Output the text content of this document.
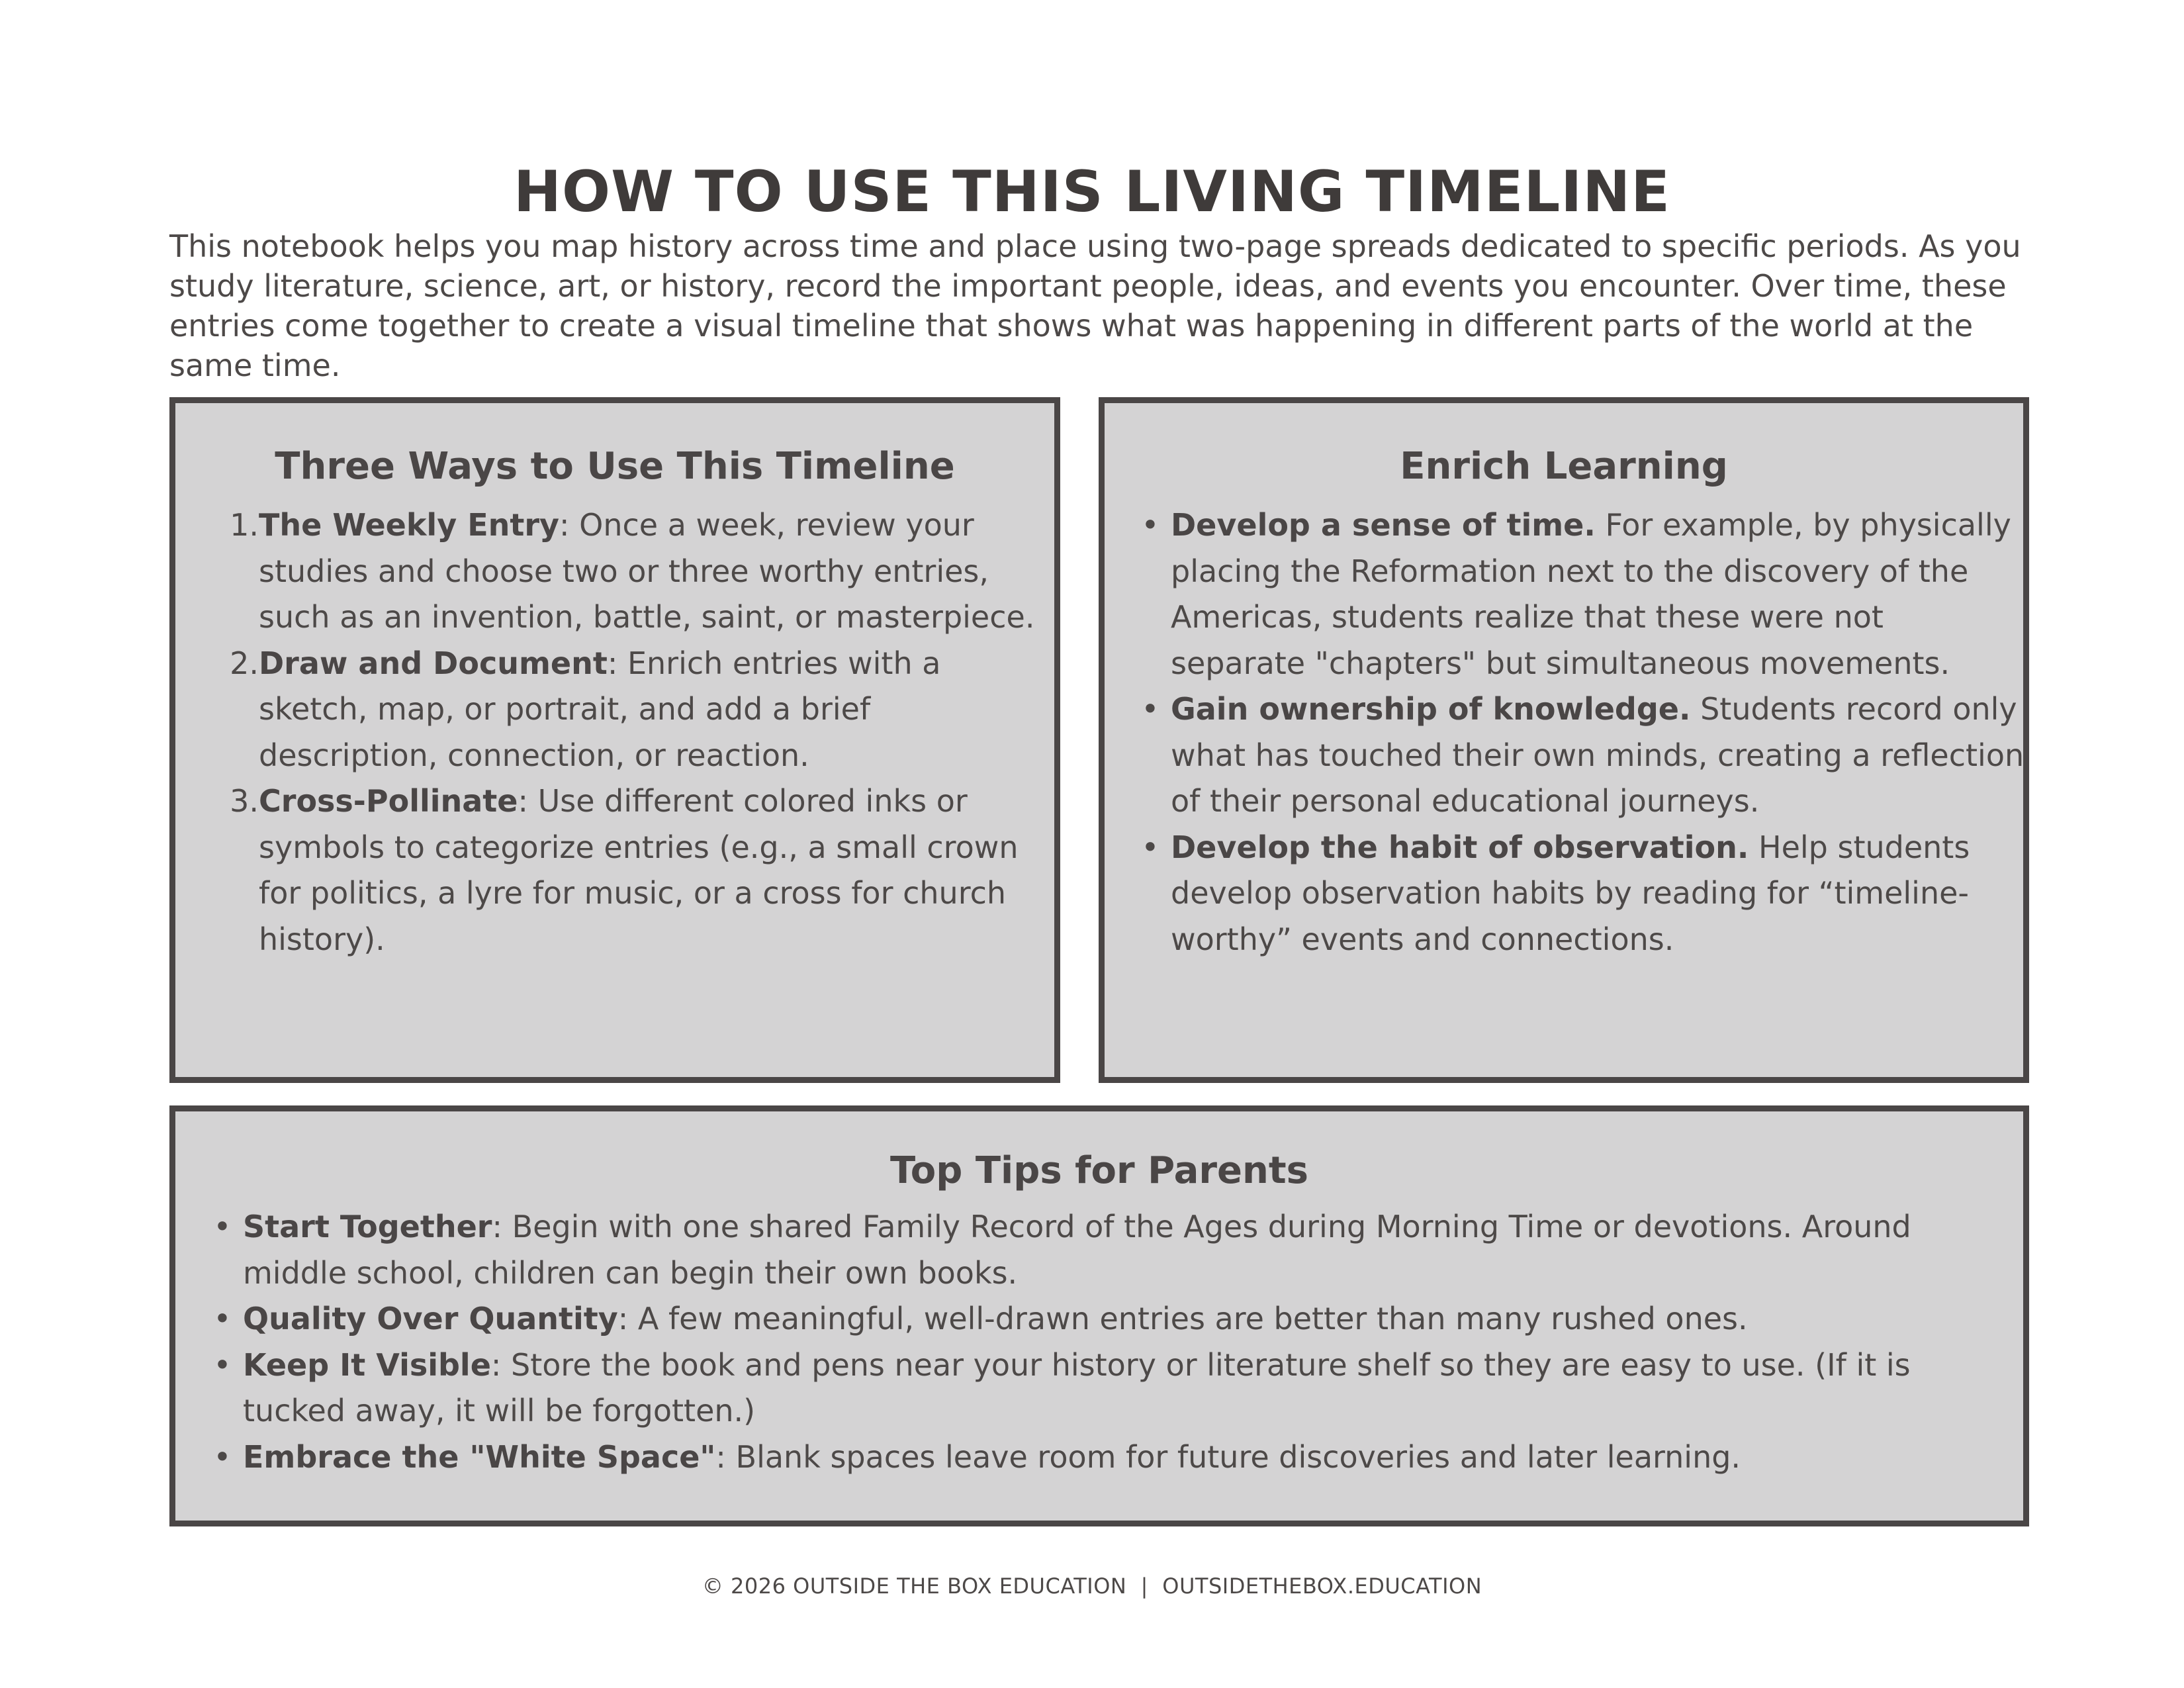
HOW TO USE THIS LIVING TIMELINE

This notebook helps you map history across time and place using two-page spreads dedicated to specific periods. As you study literature, science, art, or history, record the important people, ideas, and events you encounter. Over time, these entries come together to create a visual timeline that shows what was happening in different parts of the world at the same time.

Three Ways to Use This Timeline
1. The Weekly Entry: Once a week, review your studies and choose two or three worthy entries, such as an invention, battle, saint, or masterpiece.
2. Draw and Document: Enrich entries with a sketch, map, or portrait, and add a brief description, connection, or reaction.
3. Cross-Pollinate: Use different colored inks or symbols to categorize entries (e.g., a small crown for politics, a lyre for music, or a cross for church history).
Enrich Learning
• Develop a sense of time. For example, by physically placing the Reformation next to the discovery of the Americas, students realize that these were not separate "chapters" but simultaneous movements.
• Gain ownership of knowledge. Students record only what has touched their own minds, creating a reflection of their personal educational journeys.
• Develop the habit of observation. Help students develop observation habits by reading for “timeline-worthy” events and connections.
Top Tips for Parents
• Start Together: Begin with one shared Family Record of the Ages during Morning Time or devotions. Around middle school, children can begin their own books.
• Quality Over Quantity: A few meaningful, well-drawn entries are better than many rushed ones.
• Keep It Visible: Store the book and pens near your history or literature shelf so they are easy to use. (If it is tucked away, it will be forgotten.)
• Embrace the "White Space": Blank spaces leave room for future discoveries and later learning.
© 2026 OUTSIDE THE BOX EDUCATION  |  OUTSIDETHEBOX.EDUCATION
